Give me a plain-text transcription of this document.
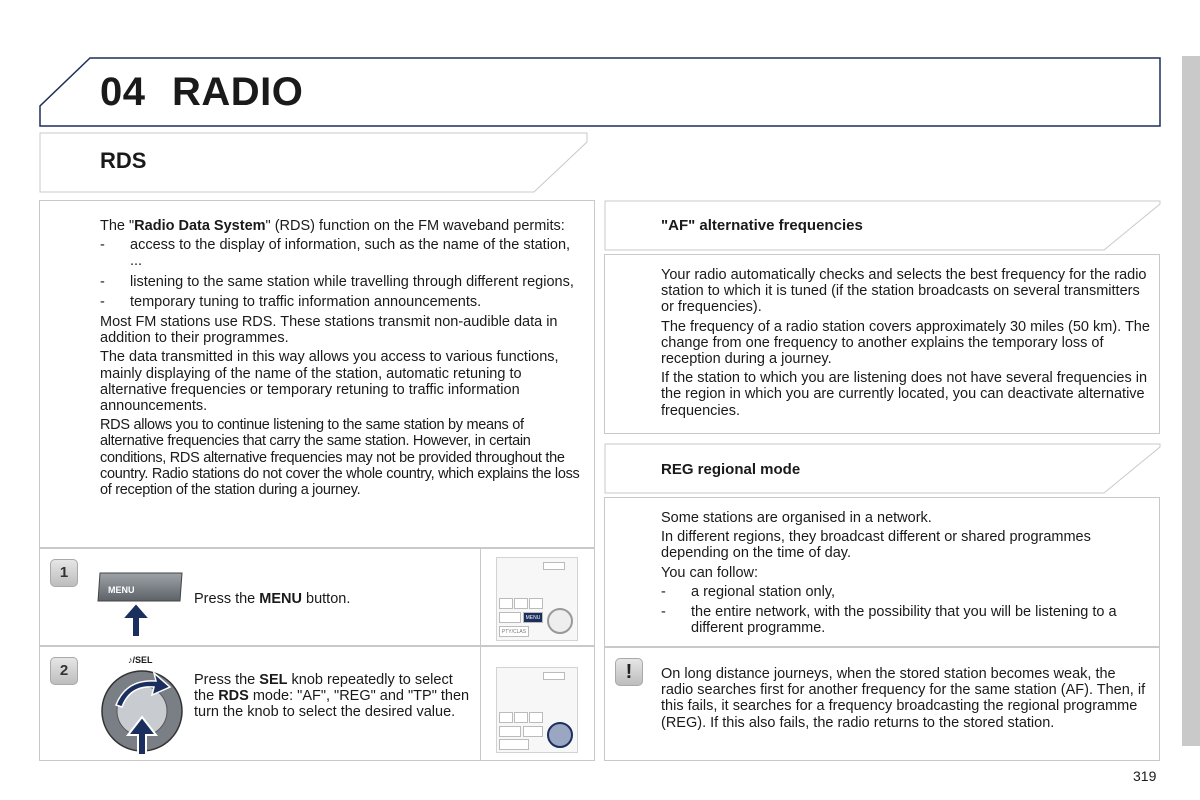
04 RADIO
RDS

The "Radio Data System" (RDS) function on the FM waveband permits:

-	access to the display of information, such as the name of the station, ...
-	listening to the same station while travelling through different regions,
-	temporary tuning to traffic information announcements.

Most FM stations use RDS. These stations transmit non-audible data in addition to their programmes.

The data transmitted in this way allows you access to various functions, mainly displaying of the name of the station, automatic retuning to alternative frequencies or temporary retuning to traffic information announcements.

RDS allows you to continue listening to the same station by means of alternative frequencies that carry the same station. However, in certain conditions, RDS alternative frequencies may not be provided throughout the country. Radio stations do not cover the whole country, which explains the loss of reception of the station during a journey.

1
MENU
Press the MENU button.
MENU
PTY/CLAS
2
♪/SEL
Press the SEL knob repeatedly to select the RDS mode: "AF", "REG" and "TP" then turn the knob to select the desired value.
"AF" alternative frequencies

Your radio automatically checks and selects the best frequency for the radio station to which it is tuned (if the station broadcasts on several transmitters or frequencies).

The frequency of a radio station covers approximately 30 miles (50 km). The change from one frequency to another explains the temporary loss of reception during a journey.

If the station to which you are listening does not have several frequencies in the region in which you are currently located, you can deactivate alternative frequencies.

REG regional mode

Some stations are organised in a network.

In different regions, they broadcast different or shared programmes depending on the time of day.

You can follow:

-	a regional station only,
-	the entire network, with the possibility that you will be listening to a different programme.
!	On long distance journeys, when the stored station becomes weak, the radio searches first for another frequency for the same station (AF). Then, if this fails, it searches for a frequency broadcasting the regional programme (REG). If this also fails, the radio returns to the stored station.
319
